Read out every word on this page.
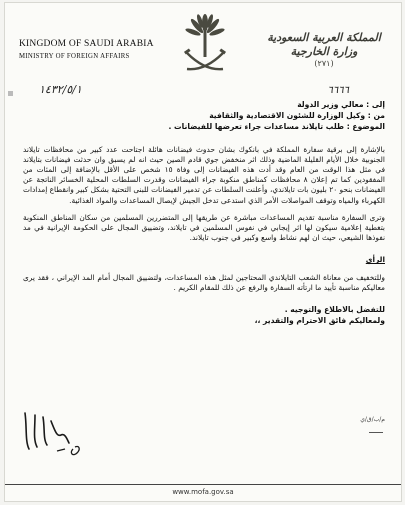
KINGDOM OF SAUDI ARABIA
MINISTRY OF FOREIGN AFFAIRS
المملكة العربية السعودية
وزارة الخارجية
(٢٧١)
١٤٣٢/٥/١	٦٦٦٦

إلى : معالي وزير الدولة

من : وكيل الوزارة للشئون الاقتصادية والثقافية

الموضوع : طلب تايلاند مساعدات جراء تعرضها للفيضانات .

بالإشارة إلى برقية سفارة المملكة في بانكوك بشان حدوث فيضانات هائلة اجتاحت عدد كبير من محافظات تايلاند الجنوبية خلال الأيام القليلة الماضية وذلك اثر منخفض جوي قادم الصين حيث انه لم يسبق وان حدثت فيضانات بتايلاند في مثل هذا الوقت من العام وقد أدت هذه الفيضانات إلى وفاة ١٥ شخص على الأقل بالإضافة إلى المئات من المفقودين كما تم إعلان ٨ محافظات كمناطق منكوبة جراء الفيضانات وقدرت السلطات المحلية الخسائر الناتجة عن الفيضانات بنحو ٢٠ بليون بات تايلاندي، وأعلنت السلطات عن تدمير الفيضانات للبنى التحتية بشكل كبير وانقطاع إمدادات الكهرباء والمياه وتوقف المواصلات الأمر الذي استدعى تدخل الجيش لإيصال المساعدات والمواد الغذائية.

وترى السفارة مناسبة تقديم المساعدات مباشرة عن طريقها إلى المتضررين المسلمين من سكان المناطق المنكوبة بتغطية إعلامية سيكون لها اثر إيجابي في نفوس المسلمين في تايلاند، وتضييق المجال على الحكومة الإيرانية في مد نفوذها الشيعي، حيث ان لهم نشاط واسع وكبير في جنوب تايلاند.

الرأي

وللتخفيف من معاناة الشعب التايلاندي المحتاجين لمثل هذه المساعدات، ولتضييق المجال أمام المد الإيراني ، فقد يرى معاليكم مناسبة تأييد ما ارتأته السفارة والرفع عن ذلك للمقام الكريم .

للتفضل بالاطلاع والتوجيه .

ولمعاليكم فائق الاحترام والتقدير ،،

م/ب/ق/ي
www.mofa.gov.sa
